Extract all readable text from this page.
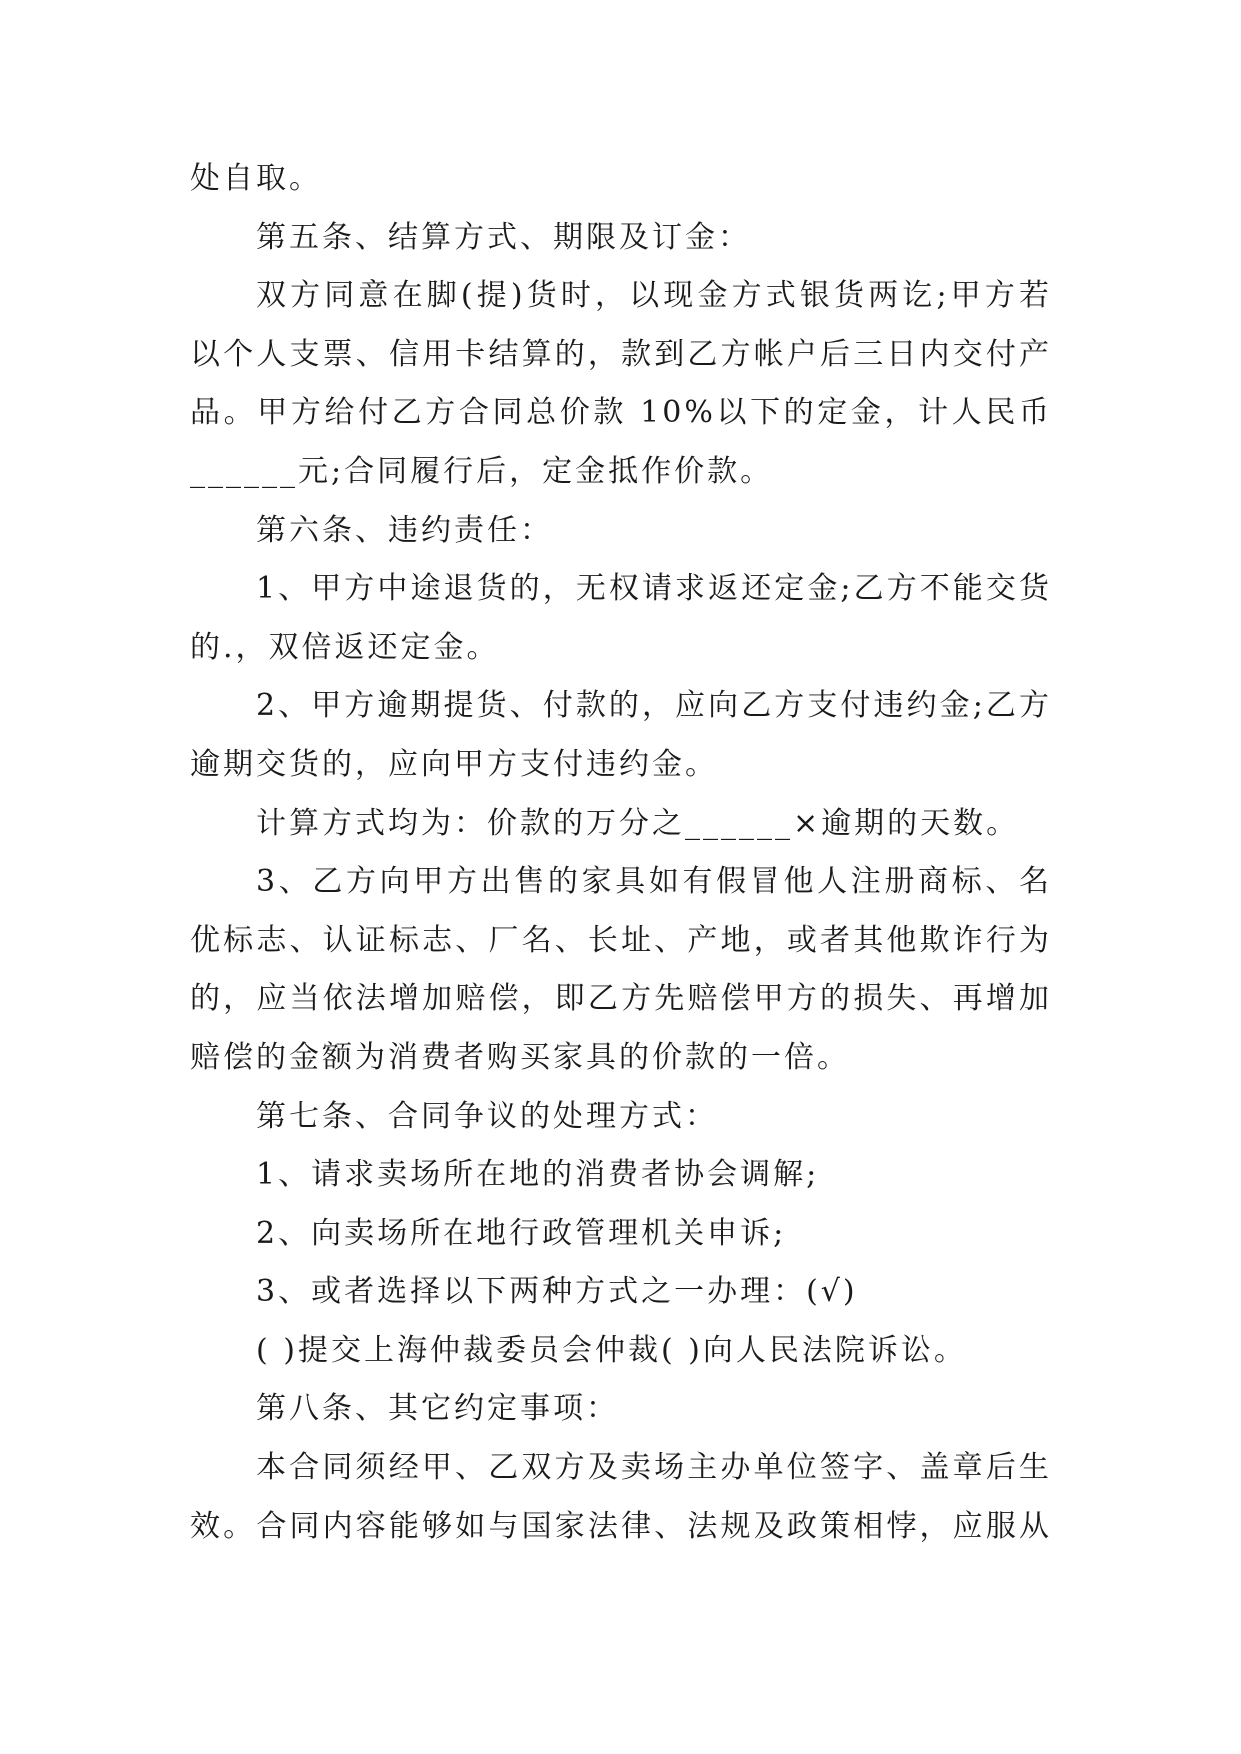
处自取。
第五条、结算方式、期限及订金：
双方同意在脚(提)货时，以现金方式银货两讫;甲方若
以个人支票、信用卡结算的，款到乙方帐户后三日内交付产
品。甲方给付乙方合同总价款 10%以下的定金，计人民币
______元;合同履行后，定金抵作价款。
第六条、违约责任：
1、甲方中途退货的，无权请求返还定金;乙方不能交货
的.，双倍返还定金。
2、甲方逾期提货、付款的，应向乙方支付违约金;乙方
逾期交货的，应向甲方支付违约金。
计算方式均为：价款的万分之______×逾期的天数。
3、乙方向甲方出售的家具如有假冒他人注册商标、名
优标志、认证标志、厂名、长址、产地，或者其他欺诈行为
的，应当依法增加赔偿，即乙方先赔偿甲方的损失、再增加
赔偿的金额为消费者购买家具的价款的一倍。
第七条、合同争议的处理方式：
1、请求卖场所在地的消费者协会调解;
2、向卖场所在地行政管理机关申诉;
3、或者选择以下两种方式之一办理：(√)
( )提交上海仲裁委员会仲裁( )向人民法院诉讼。
第八条、其它约定事项：
本合同须经甲、乙双方及卖场主办单位签字、盖章后生
效。合同内容能够如与国家法律、法规及政策相悖，应服从
